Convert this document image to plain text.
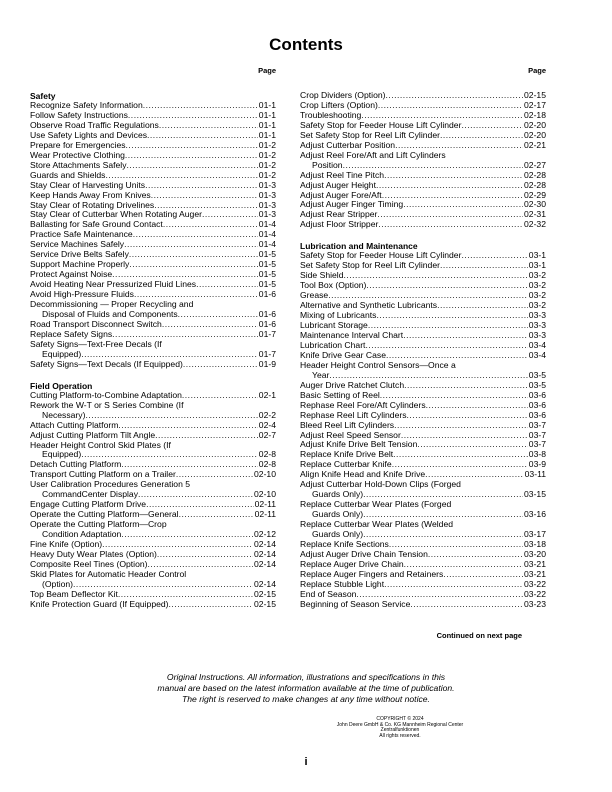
Contents
Page
Safety
Recognize Safety Information .....	01-1
Follow Safety Instructions .....	01-1
Observe Road Traffic Regulations .....	01-1
Use Safety Lights and Devices .....	01-1
Prepare for Emergencies .....	01-2
Wear Protective Clothing .....	01-2
Store Attachments Safely .....	01-2
Guards and Shields .....	01-2
Stay Clear of Harvesting Units .....	01-3
Keep Hands Away From Knives .....	01-3
Stay Clear of Rotating Drivelines .....	01-3
Stay Clear of Cutterbar When Rotating Auger .....	01-3
Ballasting for Safe Ground Contact .....	01-4
Practice Safe Maintenance .....	01-4
Service Machines Safely .....	01-4
Service Drive Belts Safely .....	01-5
Support Machine Properly .....	01-5
Protect Against Noise .....	01-5
Avoid Heating Near Pressurized Fluid Lines .....	01-5
Avoid High-Pressure Fluids .....	01-6
Decommissioning — Proper Recycling and
Disposal of Fluids and Components .....	01-6
Road Transport Disconnect Switch .....	01-6
Replace Safety Signs .....	01-7
Safety Signs—Text-Free Decals (If
Equipped) .....	01-7
Safety Signs—Text Decals (If Equipped) .....	01-9
Field Operation
Cutting Platform-to-Combine Adaptation .....	02-1
Rework the W-T or S Series Combine (If
Necessary) .....	02-2
Attach Cutting Platform .....	02-4
Adjust Cutting Platform Tilt Angle .....	02-7
Header Height Control Skid Plates (If
Equipped) .....	02-8
Detach Cutting Platform .....	02-8
Transport Cutting Platform on a Trailer .....	02-10
User Calibration Procedures Generation 5
CommandCenter Display .....	02-10
Engage Cutting Platform Drive .....	02-11
Operate the Cutting Platform—General .....	02-11
Operate the Cutting Platform—Crop
Condition Adaptation .....	02-12
Fine Knife (Option) .....	02-14
Heavy Duty Wear Plates (Option) .....	02-14
Composite Reel Tines (Option) .....	02-14
Skid Plates for Automatic Header Control
(Option) .....	02-14
Top Beam Deflector Kit .....	02-15
Knife Protection Guard (If Equipped) .....	02-15
Page
Crop Dividers (Option) .....	02-15
Crop Lifters (Option) .....	02-17
Troubleshooting .....	02-18
Safety Stop for Feeder House Lift Cylinder .....	02-20
Set Safety Stop for Reel Lift Cylinder .....	02-20
Adjust Cutterbar Position .....	02-21
Adjust Reel Fore/Aft and Lift Cylinders
Position .....	02-27
Adjust Reel Tine Pitch .....	02-28
Adjust Auger Height .....	02-28
Adjust Auger Fore/Aft .....	02-29
Adjust Auger Finger Timing .....	02-30
Adjust Rear Stripper .....	02-31
Adjust Floor Stripper .....	02-32
Lubrication and Maintenance
Safety Stop for Feeder House Lift Cylinder .....	03-1
Set Safety Stop for Reel Lift Cylinder .....	03-1
Side Shield .....	03-2
Tool Box (Option) .....	03-2
Grease .....	03-2
Alternative and Synthetic Lubricants .....	03-2
Mixing of Lubricants .....	03-3
Lubricant Storage .....	03-3
Maintenance Interval Chart .....	03-3
Lubrication Chart .....	03-4
Knife Drive Gear Case .....	03-4
Header Height Control Sensors—Once a
Year .....	03-5
Auger Drive Ratchet Clutch .....	03-5
Basic Setting of Reel .....	03-6
Rephase Reel Fore/Aft Cylinders .....	03-6
Rephase Reel Lift Cylinders .....	03-6
Bleed Reel Lift Cylinders .....	03-7
Adjust Reel Speed Sensor .....	03-7
Adjust Knife Drive Belt Tension .....	03-7
Replace Knife Drive Belt .....	03-8
Replace Cutterbar Knife .....	03-9
Align Knife Head and Knife Drive .....	03-11
Adjust Cutterbar Hold-Down Clips (Forged
Guards Only) .....	03-15
Replace Cutterbar Wear Plates (Forged
Guards Only) .....	03-16
Replace Cutterbar Wear Plates (Welded
Guards Only) .....	03-17
Replace Knife Sections .....	03-18
Adjust Auger Drive Chain Tension .....	03-20
Replace Auger Drive Chain .....	03-21
Replace Auger Fingers and Retainers .....	03-21
Replace Stubble Light .....	03-22
End of Season .....	03-22
Beginning of Season Service .....	03-23
Continued on next page
Original Instructions. All information, illustrations and specifications in this
manual are based on the latest information available at the time of publication.
The right is reserved to make changes at any time without notice.
COPYRIGHT © 2024
John Deere GmbH & Co. KG Mannheim Regional Center
Zentralfunktionen
All rights reserved.
i
